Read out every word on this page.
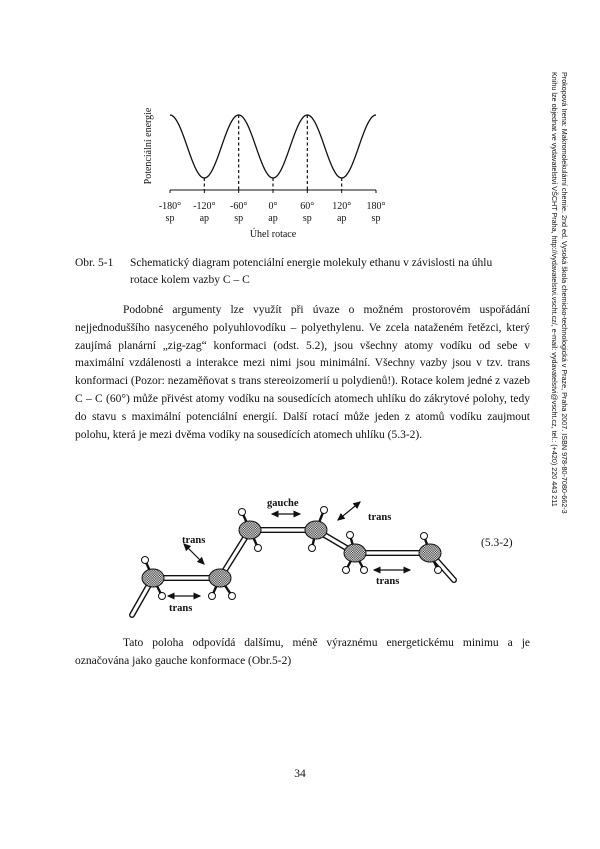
Potenciální energie
-180° -120° -60° 0° 60° 120° 180°
sp	ap	sp	ap	sp	ap	sp
Úhel rotace
Obr. 5-1 Schematický diagram potenciální energie molekuly ethanu v závislosti na úhlu
rotace kolem vazby C – C

Podobné argumenty lze využít při úvaze o možném prostorovém uspořádání nejjednoduššího nasyceného polyuhlovodíku – polyethylenu. Ve zcela nataženém řetězci, který zaujímá planární „zig-zag“ konformaci (odst. 5.2), jsou všechny atomy vodíku od sebe v maximální vzdálenosti a interakce mezi nimi jsou minimální. Všechny vazby jsou v tzv. trans konformaci (Pozor: nezaměňovat s trans stereoizomerií u polydienů!). Rotace kolem jedné z vazeb C – C (60°) může přivést atomy vodíku na sousedících atomech uhlíku do zákrytové polohy, tedy do stavu s maximální potenciální energií. Další rotací může jeden z atomů vodíku zaujmout polohu, která je mezi dvěma vodíky na sousedících atomech uhlíku (5.3-2).

gauche
trans
trans
trans
trans
(5.3-2)

Tato poloha odpovídá dalšímu, méně výraznému energetickému minimu a je označována jako gauche konformace (Obr.5-2)

34
Prokopová Irena: Makromolekulární chemie. 2nd ed. Vysoká škola chemicko-technologická v Praze, Praha 2007. ISBN 978-80-7080-662-3
Knihu lze objednat ve vydavatelství VŠCHT Praha, http://vydavatelstvi.vscht.cz/, e-mail: vydavatelstvi@vscht.cz, tel.: (+420) 220 443 211
